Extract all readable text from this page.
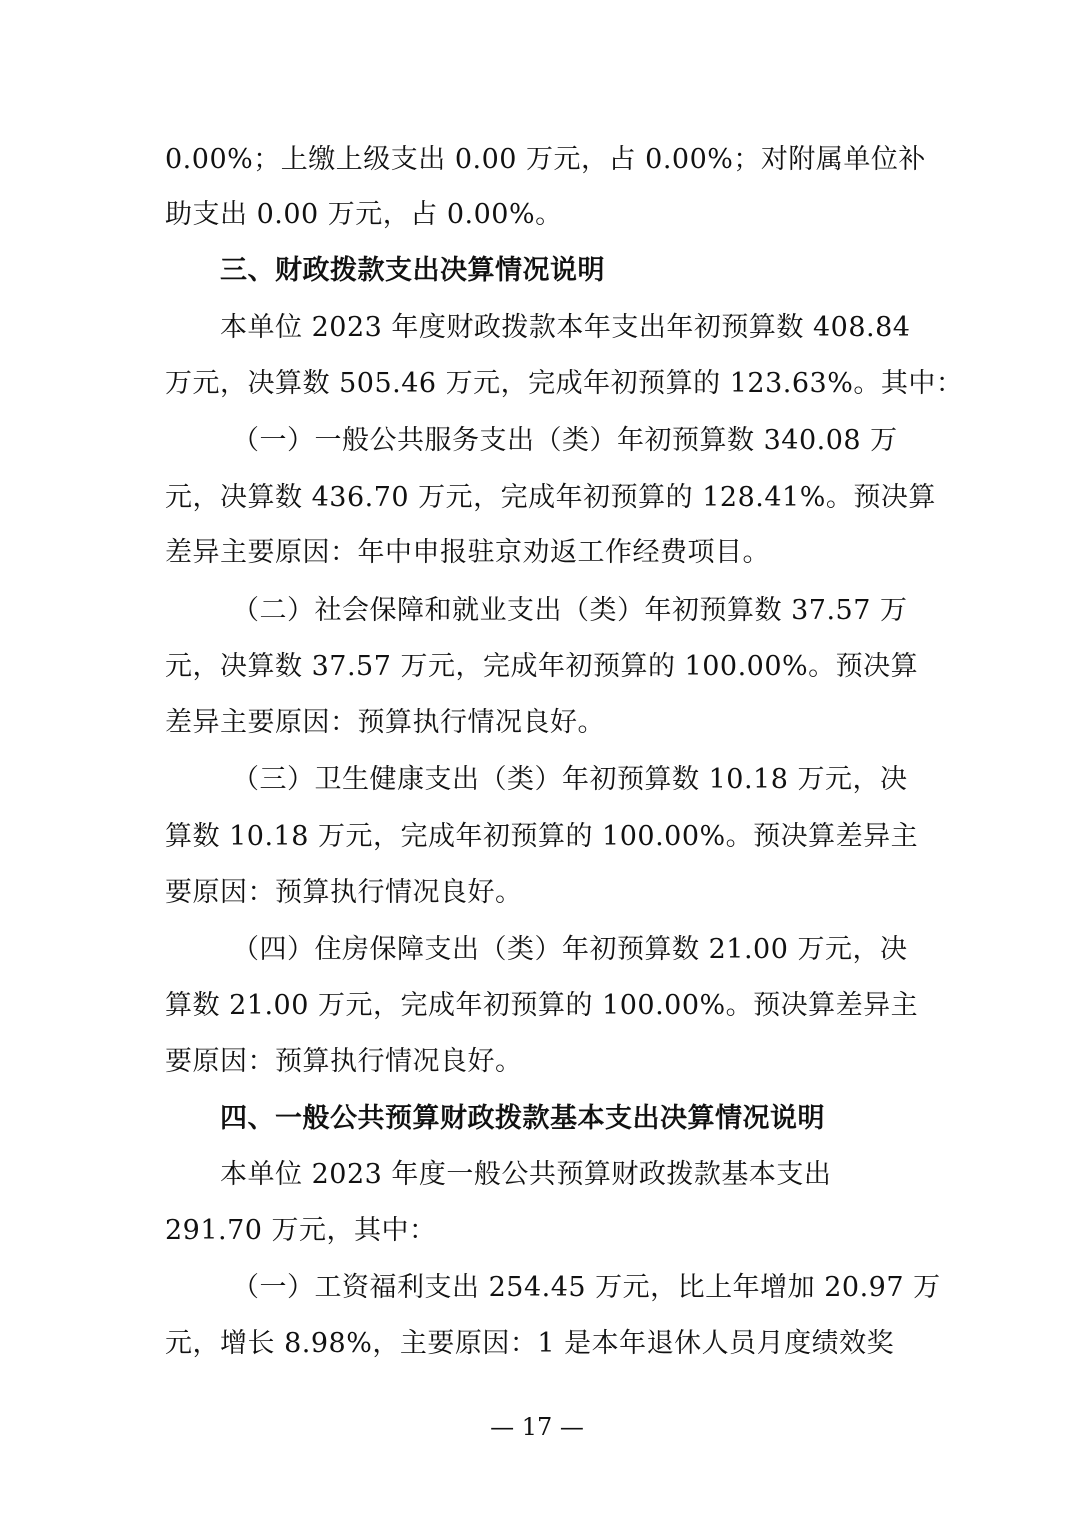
0.00%；上缴上级支出 0.00 万元，占 0.00%；对附属单位补
助支出 0.00 万元，占 0.00%。
三、财政拨款支出决算情况说明
本单位 2023 年度财政拨款本年支出年初预算数 408.84
万元，决算数 505.46 万元，完成年初预算的 123.63%。其中：
（一）一般公共服务支出（类）年初预算数 340.08 万
元，决算数 436.70 万元，完成年初预算的 128.41%。预决算
差异主要原因：年中申报驻京劝返工作经费项目。
（二）社会保障和就业支出（类）年初预算数 37.57 万
元，决算数 37.57 万元，完成年初预算的 100.00%。预决算
差异主要原因：预算执行情况良好。
（三）卫生健康支出（类）年初预算数 10.18 万元，决
算数 10.18 万元，完成年初预算的 100.00%。预决算差异主
要原因：预算执行情况良好。
（四）住房保障支出（类）年初预算数 21.00 万元，决
算数 21.00 万元，完成年初预算的 100.00%。预决算差异主
要原因：预算执行情况良好。
四、一般公共预算财政拨款基本支出决算情况说明
本单位 2023 年度一般公共预算财政拨款基本支出
291.70 万元，其中：
（一）工资福利支出 254.45 万元，比上年增加 20.97 万
元，增长 8.98%，主要原因：1 是本年退休人员月度绩效奖
— 17 —
